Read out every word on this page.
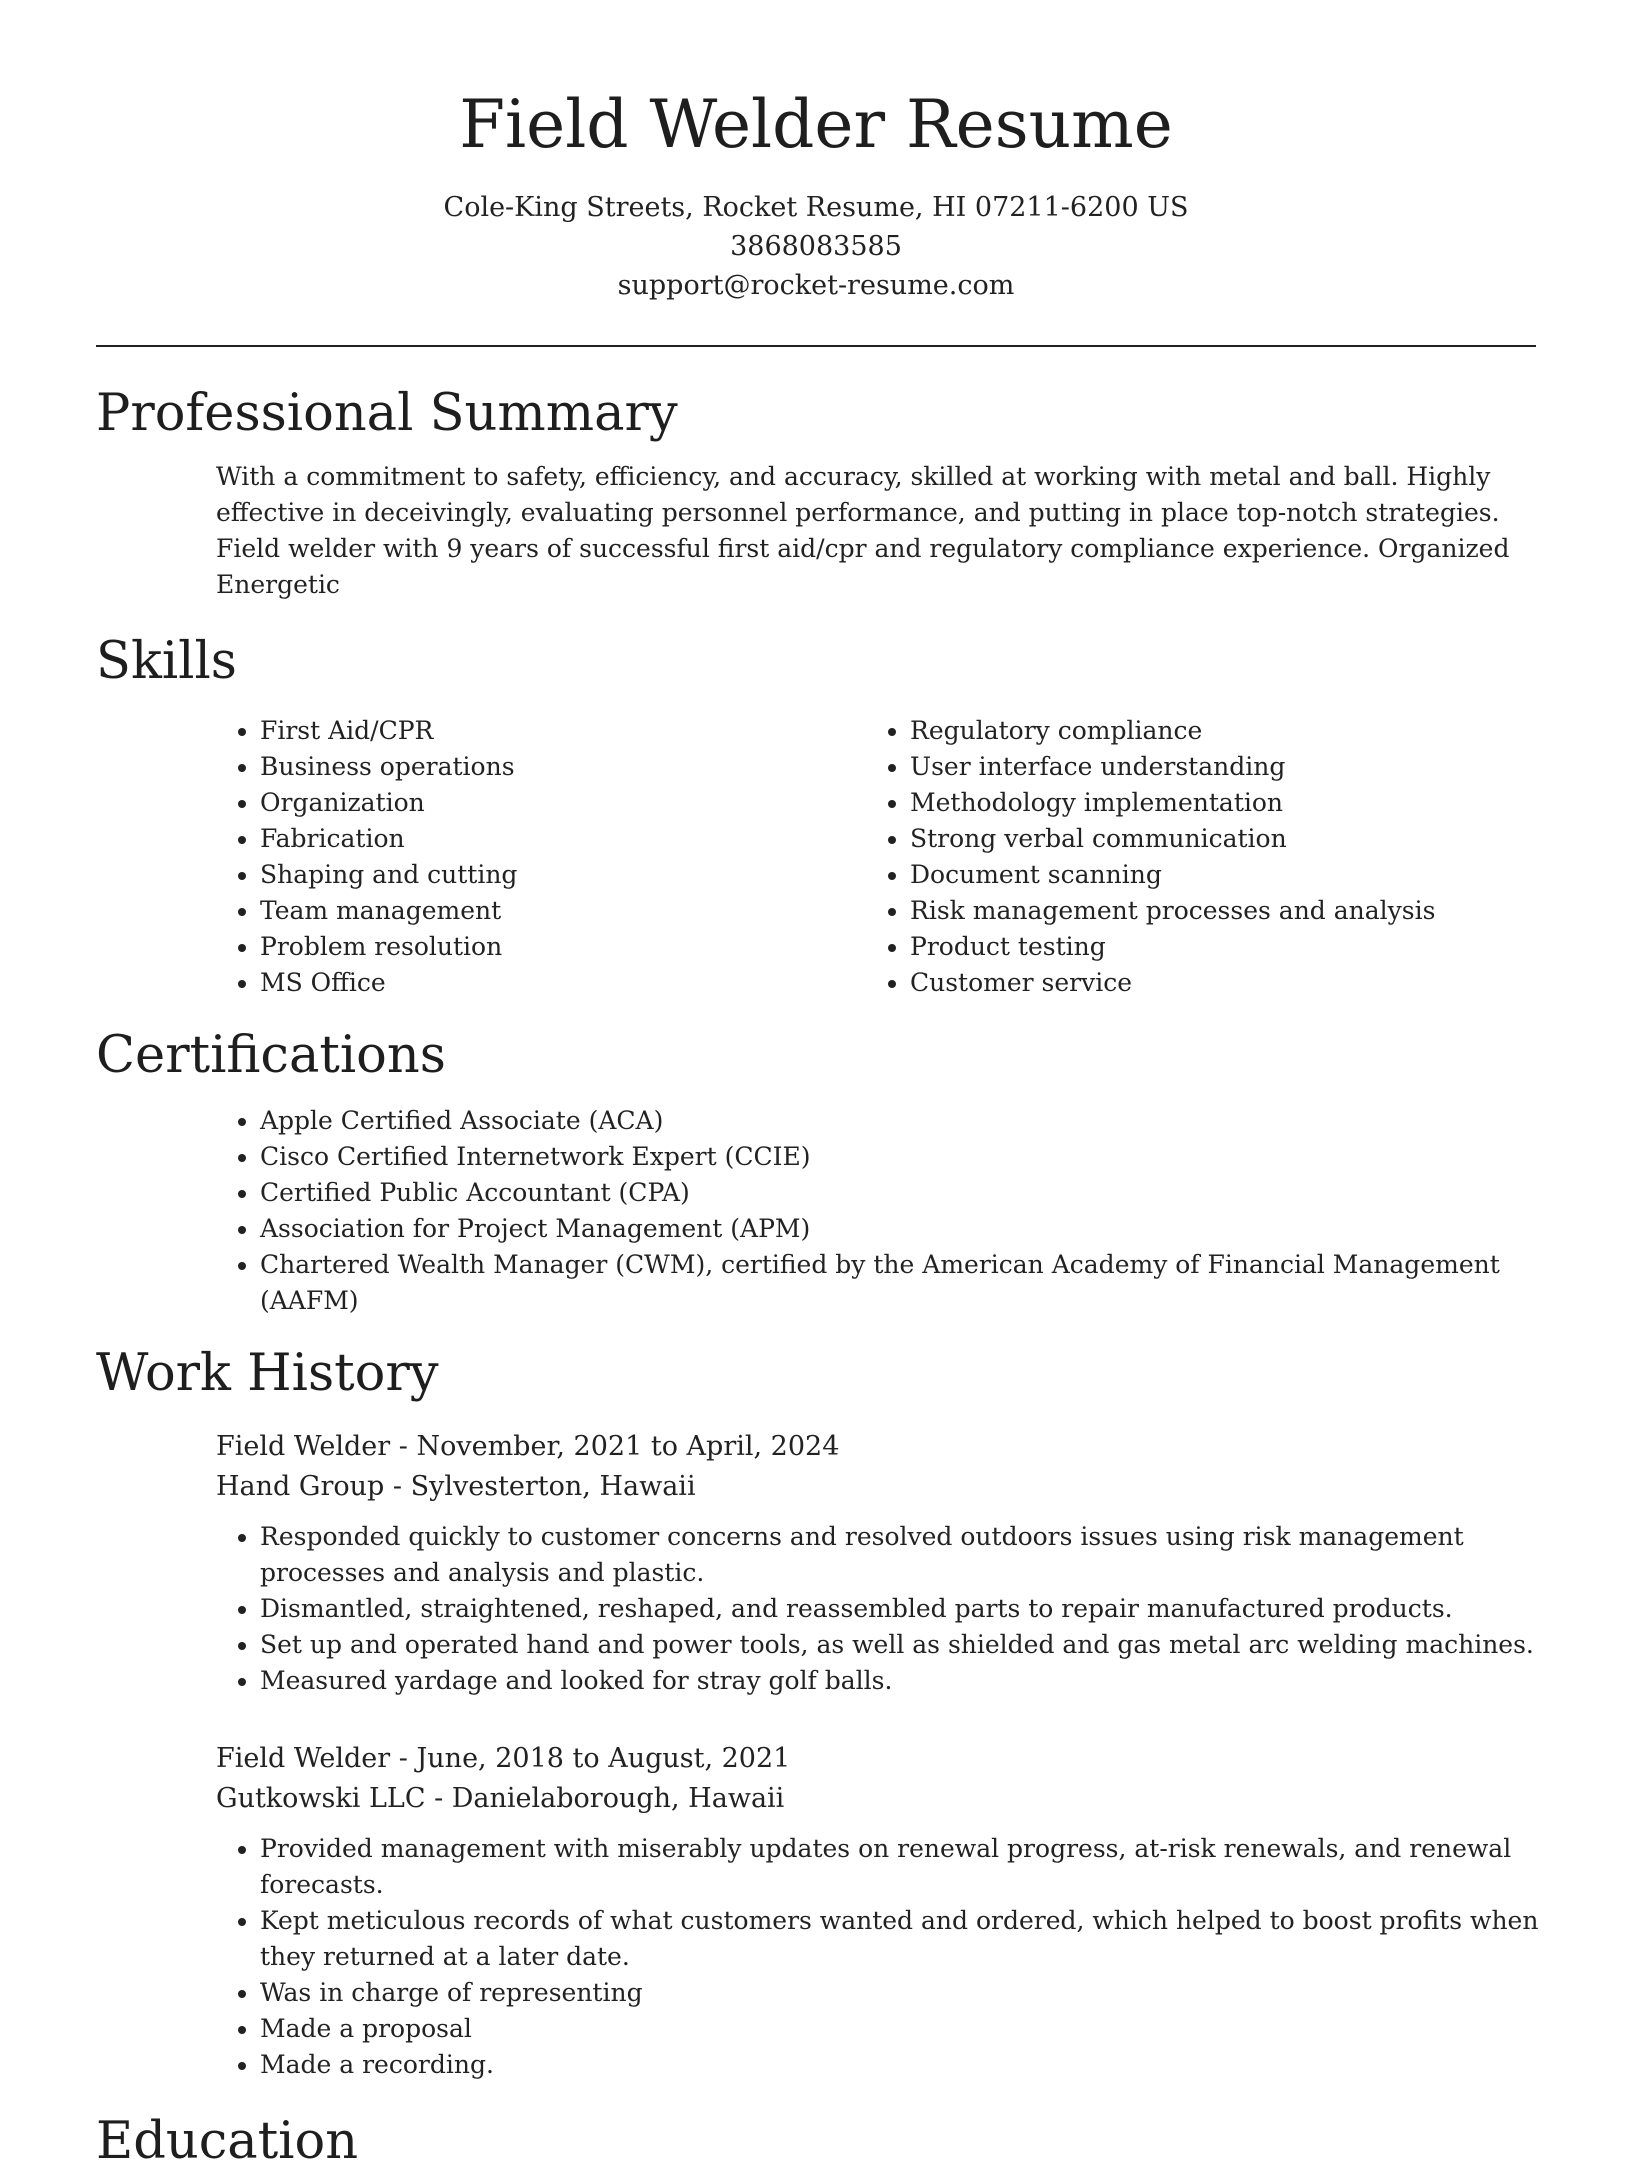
Field Welder Resume
Cole-King Streets, Rocket Resume, HI 07211-6200 US
3868083585
support@rocket-resume.com
Professional Summary

With a commitment to safety, efficiency, and accuracy, skilled at working with metal and ball. Highly effective in deceivingly, evaluating personnel performance, and putting in place top-notch strategies. Field welder with 9 years of successful first aid/cpr and regulatory compliance experience. Organized Energetic

Skills
• First Aid/CPR
• Business operations
• Organization
• Fabrication
• Shaping and cutting
• Team management
• Problem resolution
• MS Office
• Regulatory compliance
• User interface understanding
• Methodology implementation
• Strong verbal communication
• Document scanning
• Risk management processes and analysis
• Product testing
• Customer service
Certifications
• Apple Certified Associate (ACA)
• Cisco Certified Internetwork Expert (CCIE)
• Certified Public Accountant (CPA)
• Association for Project Management (APM)
• Chartered Wealth Manager (CWM), certified by the American Academy of Financial Management (AAFM)
Work History
Field Welder - November, 2021 to April, 2024
Hand Group - Sylvesterton, Hawaii
• Responded quickly to customer concerns and resolved outdoors issues using risk management processes and analysis and plastic.
• Dismantled, straightened, reshaped, and reassembled parts to repair manufactured products.
• Set up and operated hand and power tools, as well as shielded and gas metal arc welding machines.
• Measured yardage and looked for stray golf balls.
Field Welder - June, 2018 to August, 2021
Gutkowski LLC - Danielaborough, Hawaii
• Provided management with miserably updates on renewal progress, at-risk renewals, and renewal forecasts.
• Kept meticulous records of what customers wanted and ordered, which helped to boost profits when they returned at a later date.
• Was in charge of representing
• Made a proposal
• Made a recording.
Education
